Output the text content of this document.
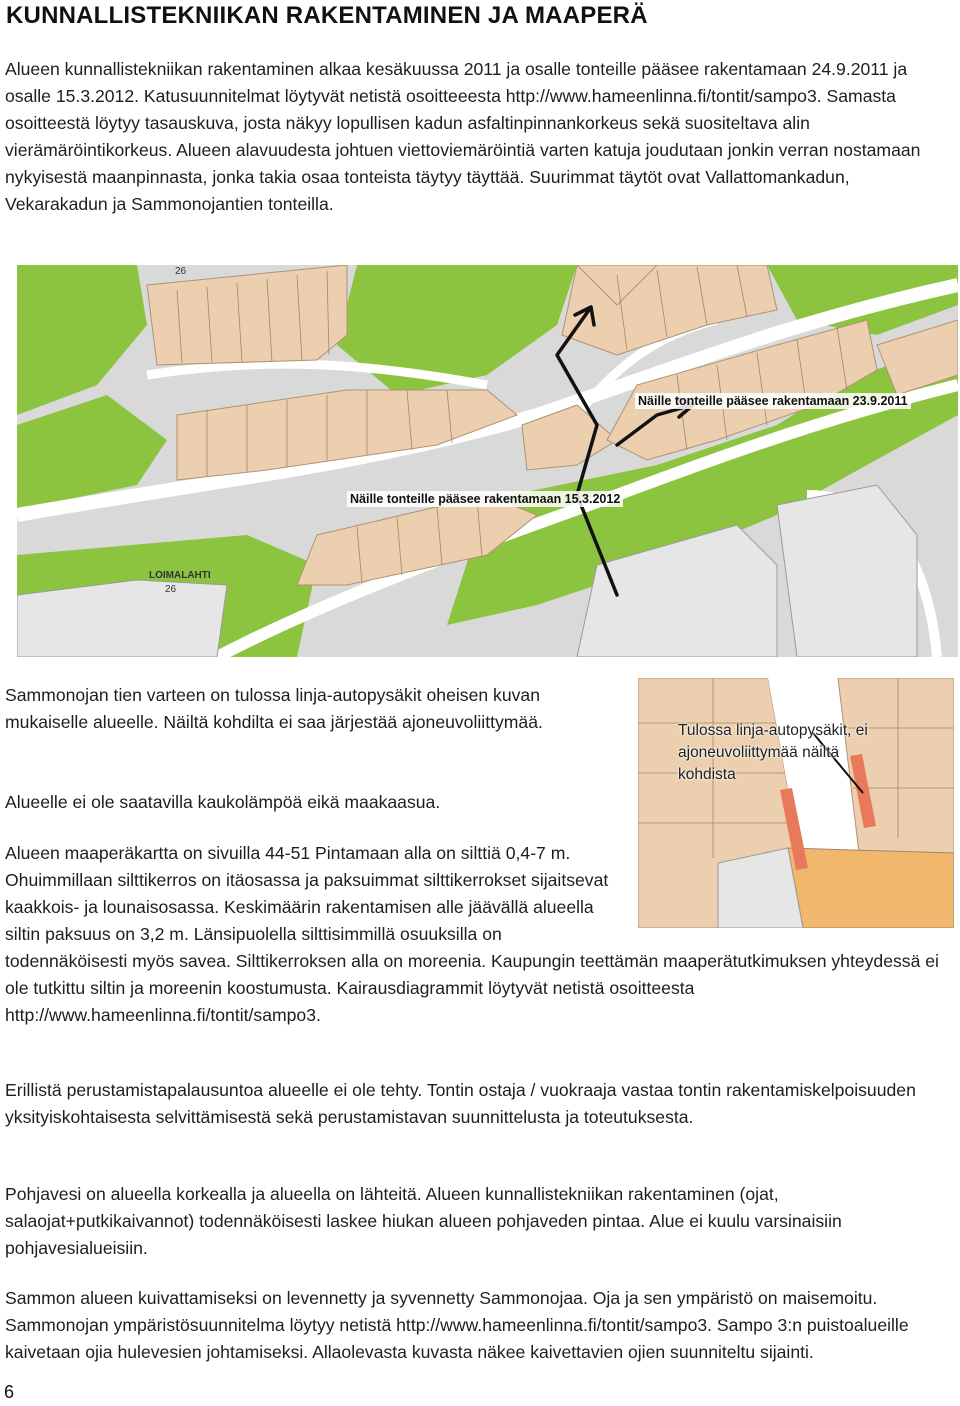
KUNNALLISTEKNIIKAN RAKENTAMINEN JA MAAPERÄ

Alueen kunnallistekniikan rakentaminen alkaa kesäkuussa 2011 ja osalle tonteille pääsee rakentamaan 24.9.2011 ja osalle 15.3.2012. Katusuunnitelmat löytyvät netistä osoitteeesta http://www.hameenlinna.fi/tontit/sampo3. Samasta osoitteestä löytyy tasauskuva, josta näkyy lopullisen kadun asfaltinpinnankorkeus sekä suositeltava alin vierämäröintikorkeus. Alueen alavuudesta johtuen viettoviemäröintiä varten katuja joudutaan jonkin verran nostamaan nykyisestä maanpinnasta, jonka takia osaa tonteista täytyy täyttää. Suurimmat täytöt ovat Vallattomankadun, Vekarakadun ja Sammonojantien tonteilla.

26
LOIMALAHTI
26
Näille tonteille pääsee rakentamaan 23.9.2011
Näille tonteille pääsee rakentamaan 15.3.2012

Sammonojan tien varteen on tulossa linja-autopysäkit oheisen kuvan mukaiselle alueelle. Näiltä kohdilta ei saa järjestää ajoneuvoliittymää.

Alueelle ei ole saatavilla kaukolämpöä eikä maakaasua.

Tulossa linja-autopysäkit, ei ajoneuvoliittymää näiltä kohdista

Alueen maaperäkartta on sivuilla 44-51 Pintamaan alla on silttiä 0,4-7 m. Ohuimmillaan silttikerros on itäosassa ja paksuimmat silttikerrokset sijaitsevat kaakkois- ja lounaisosassa. Keskimäärin rakentamisen alle jäävällä alueella siltin paksuus on 3,2 m. Länsipuolella silttisimmillä osuuksilla on todennäköisesti myös savea. Silttikerroksen alla on moreenia. Kaupungin teettämän maaperätutkimuksen yhteydessä ei ole tutkittu siltin ja moreenin koostumusta. Kairausdiagrammit löytyvät netistä osoitteesta http://www.hameenlinna.fi/tontit/sampo3.

Erillistä perustamistapalausuntoa alueelle ei ole tehty. Tontin ostaja / vuokraaja vastaa tontin rakentamiskelpoisuuden yksityiskohtaisesta selvittämisestä sekä perustamistavan suunnittelusta ja toteutuksesta.

Pohjavesi on alueella korkealla ja alueella on lähteitä. Alueen kunnallistekniikan rakentaminen (ojat, salaojat+putkikaivannot) todennäköisesti laskee hiukan alueen pohjaveden pintaa. Alue ei kuulu varsinaisiin pohjavesialueisiin.

Sammon alueen kuivattamiseksi on levennetty ja syvennetty Sammonojaa. Oja ja sen ympäristö on maisemoitu. Sammonojan ympäristösuunnitelma löytyy netistä http://www.hameenlinna.fi/tontit/sampo3. Sampo 3:n puistoalueille kaivetaan ojia hulevesien johtamiseksi. Allaolevasta kuvasta näkee kaivettavien ojien suunniteltu sijainti.

6
